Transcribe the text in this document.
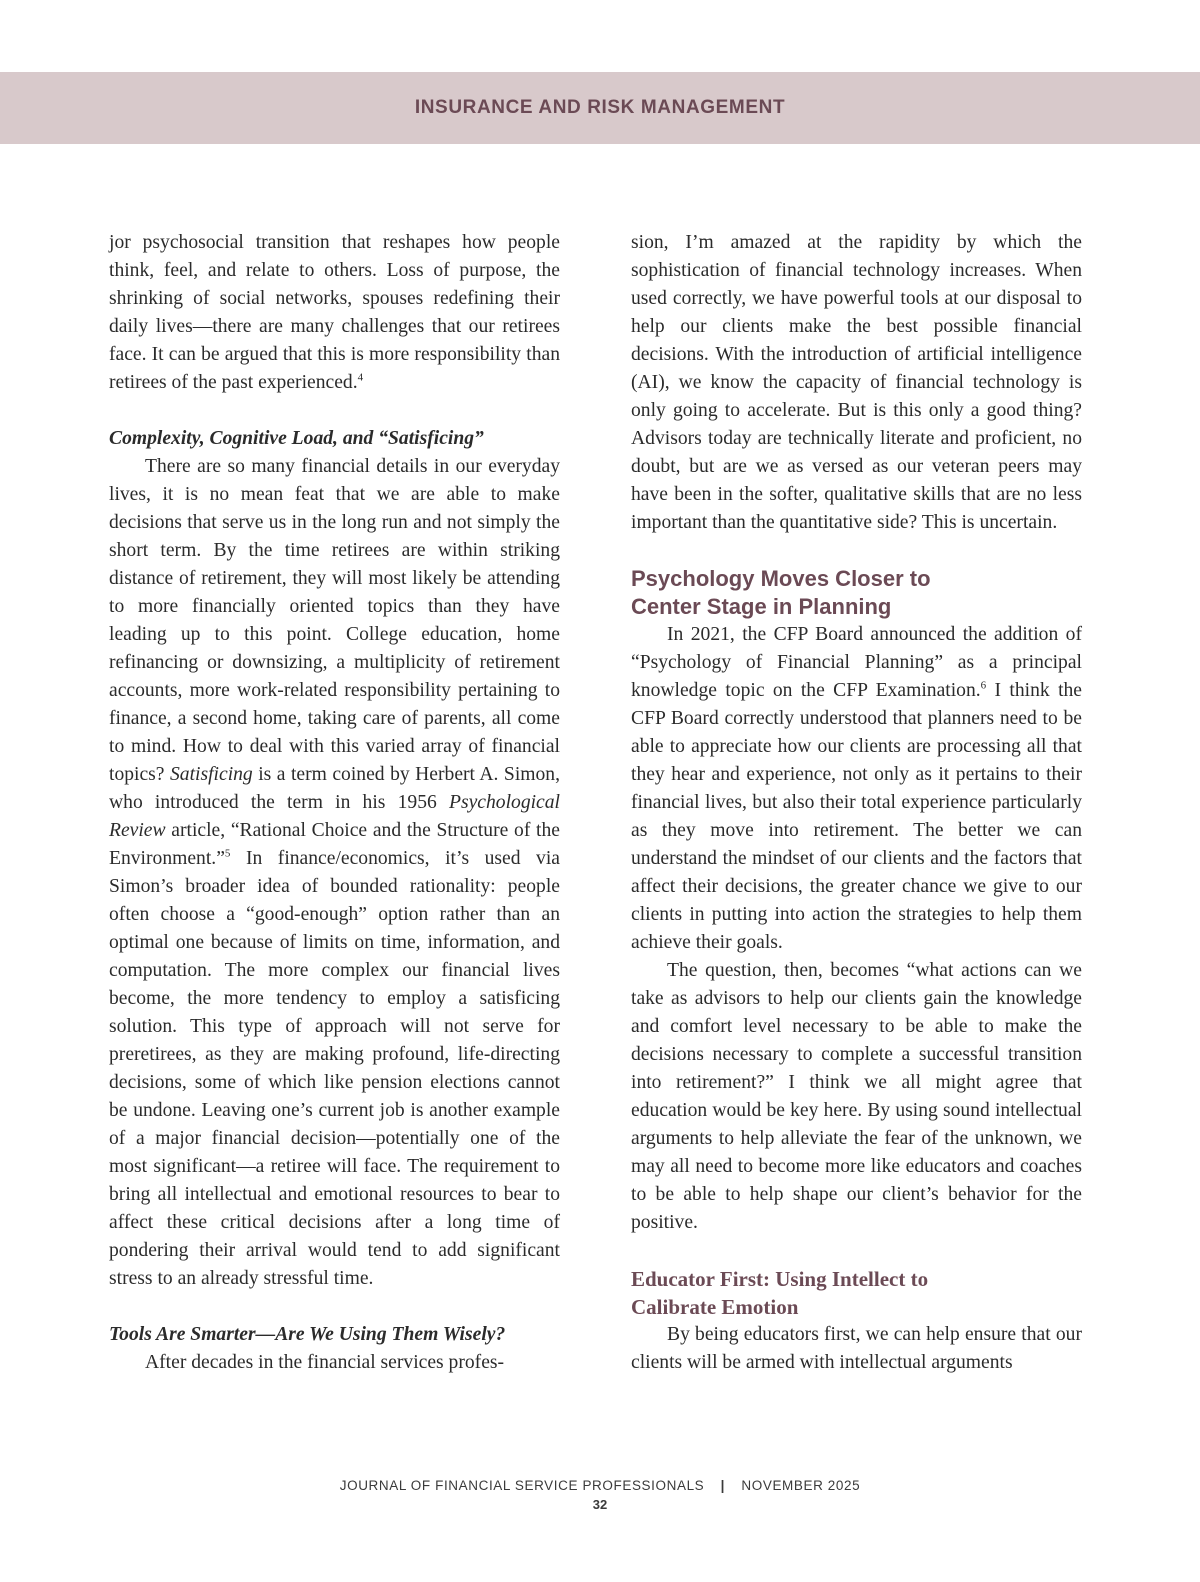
INSURANCE AND RISK MANAGEMENT

jor psychosocial transition that reshapes how people think, feel, and relate to others. Loss of purpose, the shrinking of social networks, spouses redefining their daily lives—there are many challenges that our retirees face. It can be argued that this is more responsibility than retirees of the past experienced.$^4$

Complexity, Cognitive Load, and “Satisficing”

There are so many financial details in our everyday lives, it is no mean feat that we are able to make decisions that serve us in the long run and not simply the short term. By the time retirees are within striking distance of retirement, they will most likely be attending to more financially oriented topics than they have leading up to this point. College education, home refinancing or downsizing, a multiplicity of retirement accounts, more work-related responsibility pertaining to finance, a second home, taking care of parents, all come to mind. How to deal with this varied array of financial topics? Satisficing is a term coined by Herbert A. Simon, who introduced the term in his 1956 Psychological Review article, “Rational Choice and the Structure of the Environment.”$^5$ In finance/economics, it’s used via Simon’s broader idea of bounded rationality: people often choose a “good-enough” option rather than an optimal one because of limits on time, information, and computation. The more complex our financial lives become, the more tendency to employ a satisficing solution. This type of approach will not serve for preretirees, as they are making profound, life-directing decisions, some of which like pension elections cannot be undone. Leaving one’s current job is another example of a major financial decision—potentially one of the most significant—a retiree will face. The requirement to bring all intellectual and emotional resources to bear to affect these critical decisions after a long time of pondering their arrival would tend to add significant stress to an already stressful time.

Tools Are Smarter—Are We Using Them Wisely?

After decades in the financial services profes-

sion, I’m amazed at the rapidity by which the sophistication of financial technology increases. When used correctly, we have powerful tools at our disposal to help our clients make the best possible financial decisions. With the introduction of artificial intelligence (AI), we know the capacity of financial technology is only going to accelerate. But is this only a good thing? Advisors today are technically literate and proficient, no doubt, but are we as versed as our veteran peers may have been in the softer, qualitative skills that are no less important than the quantitative side? This is uncertain.

Psychology Moves Closer to
Center Stage in Planning

In 2021, the CFP Board announced the addition of “Psychology of Financial Planning” as a principal knowledge topic on the CFP Examination.$^6$ I think the CFP Board correctly understood that planners need to be able to appreciate how our clients are processing all that they hear and experience, not only as it pertains to their financial lives, but also their total experience particularly as they move into retirement. The better we can understand the mindset of our clients and the factors that affect their decisions, the greater chance we give to our clients in putting into action the strategies to help them achieve their goals.

The question, then, becomes “what actions can we take as advisors to help our clients gain the knowledge and comfort level necessary to be able to make the decisions necessary to complete a successful transition into retirement?” I think we all might agree that education would be key here. By using sound intellectual arguments to help alleviate the fear of the unknown, we may all need to become more like educators and coaches to be able to help shape our client’s behavior for the positive.

Educator First: Using Intellect to
Calibrate Emotion

By being educators first, we can help ensure that our clients will be armed with intellectual arguments

JOURNAL OF FINANCIAL SERVICE PROFESSIONALS | NOVEMBER 2025
32
